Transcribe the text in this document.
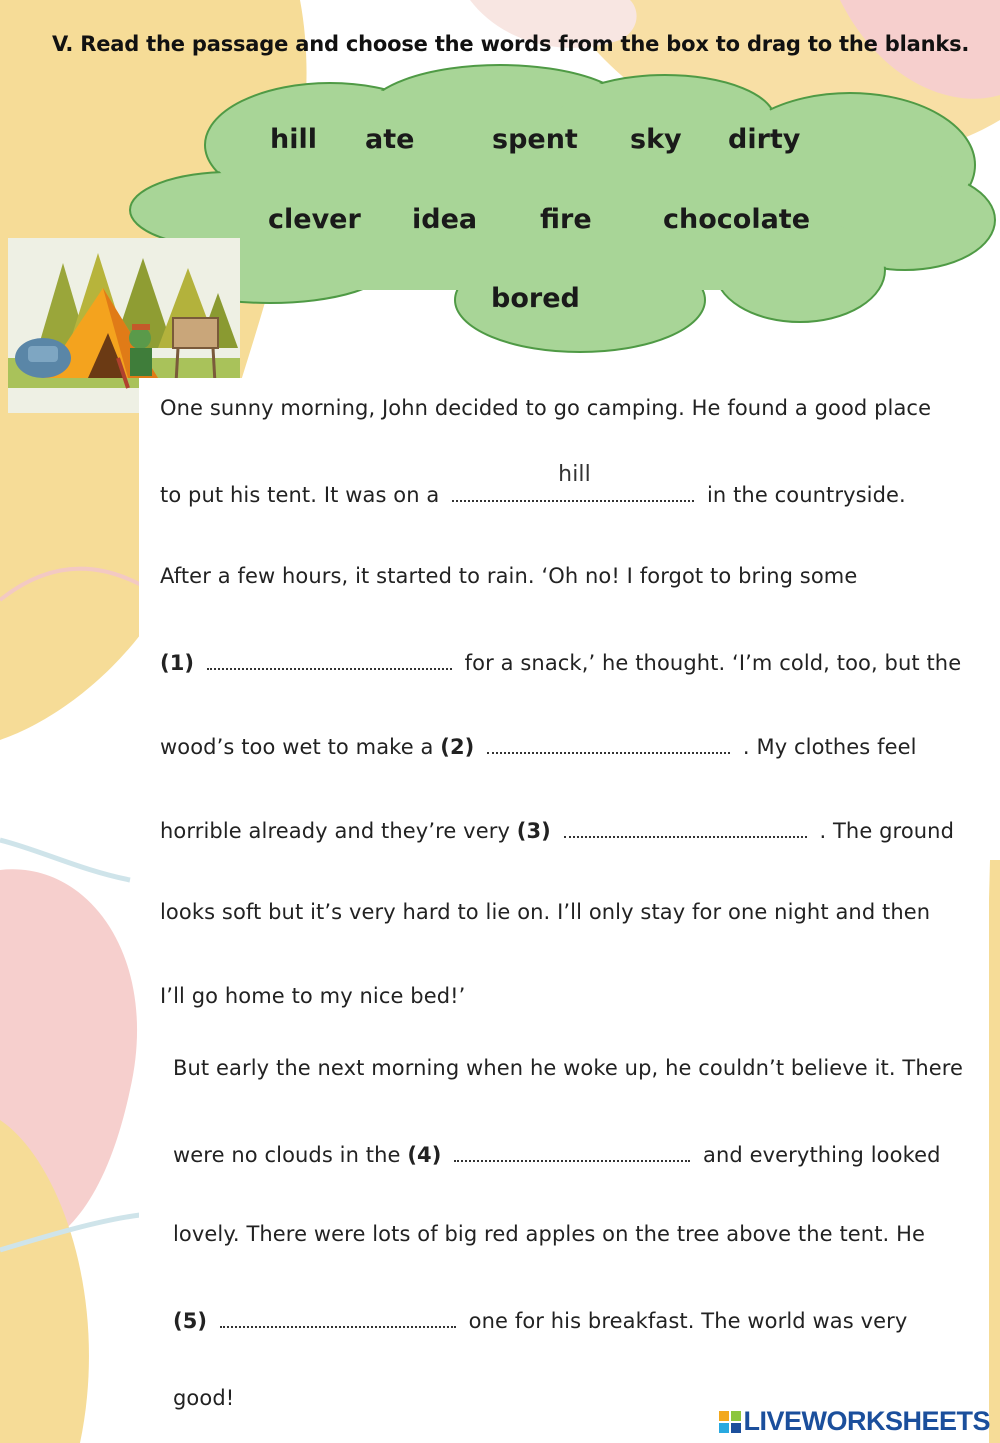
V. Read the passage and choose the words from the box to drag to the blanks.
hill ate	spent sky dirty
clever idea fire	chocolate
bored
One sunny morning, John decided to go camping. He found a good place
to put his tent. It was on a
hill
in the countryside.
After a few hours, it started to rain. ‘Oh no! I forgot to bring some
(1)	for a snack,’ he thought. ‘I’m cold, too, but the
wood’s too wet to make a (2)	. My clothes feel
horrible already and they’re very (3)	. The ground
looks soft but it’s very hard to lie on. I’ll only stay for one night and then
I’ll go home to my nice bed!’
But early the next morning when he woke up, he couldn’t believe it. There
were no clouds in the (4)	and everything looked
lovely. There were lots of big red apples on the tree above the tent. He
(5)	one for his breakfast. The world was very
good!
LIVEWORKSHEETS
